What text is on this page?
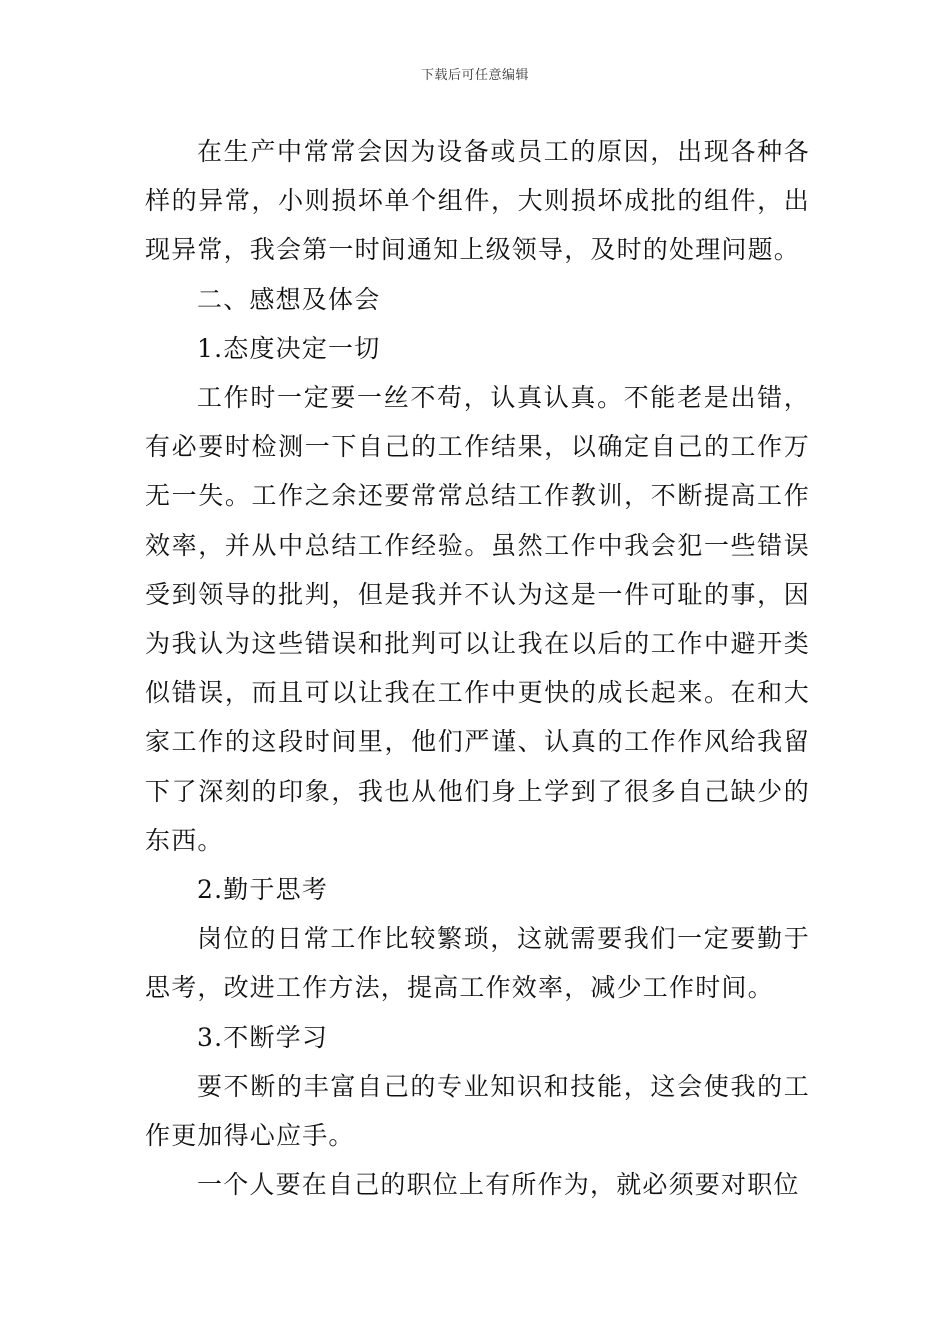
下载后可任意编辑

在生产中常常会因为设备或员工的原因，出现各种各样的异常，小则损坏单个组件，大则损坏成批的组件，出现异常，我会第一时间通知上级领导，及时的处理问题。

二、感想及体会

1.态度决定一切

工作时一定要一丝不苟，认真认真。不能老是出错，有必要时检测一下自己的工作结果，以确定自己的工作万无一失。工作之余还要常常总结工作教训，不断提高工作效率，并从中总结工作经验。虽然工作中我会犯一些错误受到领导的批判，但是我并不认为这是一件可耻的事，因为我认为这些错误和批判可以让我在以后的工作中避开类似错误，而且可以让我在工作中更快的成长起来。在和大家工作的这段时间里，他们严谨、认真的工作作风给我留下了深刻的印象，我也从他们身上学到了很多自己缺少的东西。

2.勤于思考

岗位的日常工作比较繁琐，这就需要我们一定要勤于思考，改进工作方法，提高工作效率，减少工作时间。

3.不断学习

要不断的丰富自己的专业知识和技能，这会使我的工作更加得心应手。

一个人要在自己的职位上有所作为，就必须要对职位
